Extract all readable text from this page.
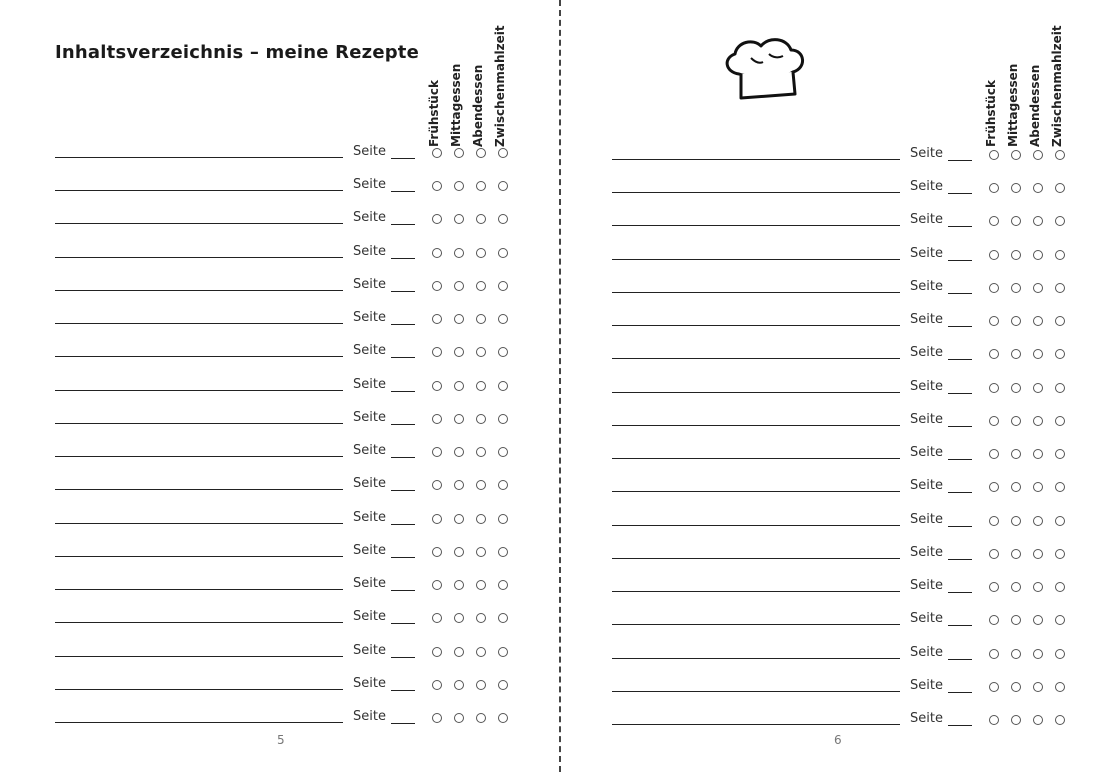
Inhaltsverzeichnis – meine Rezepte
Frühstück Mittagessen Abendessen Zwischenmahlzeit
Seite
Seite
Seite
Seite
Seite
Seite
Seite
Seite
Seite
Seite
Seite
Seite
Seite
Seite
Seite
Seite
Seite
Seite
5
Frühstück Mittagessen Abendessen Zwischenmahlzeit
Seite
Seite
Seite
Seite
Seite
Seite
Seite
Seite
Seite
Seite
Seite
Seite
Seite
Seite
Seite
Seite
Seite
Seite
6
